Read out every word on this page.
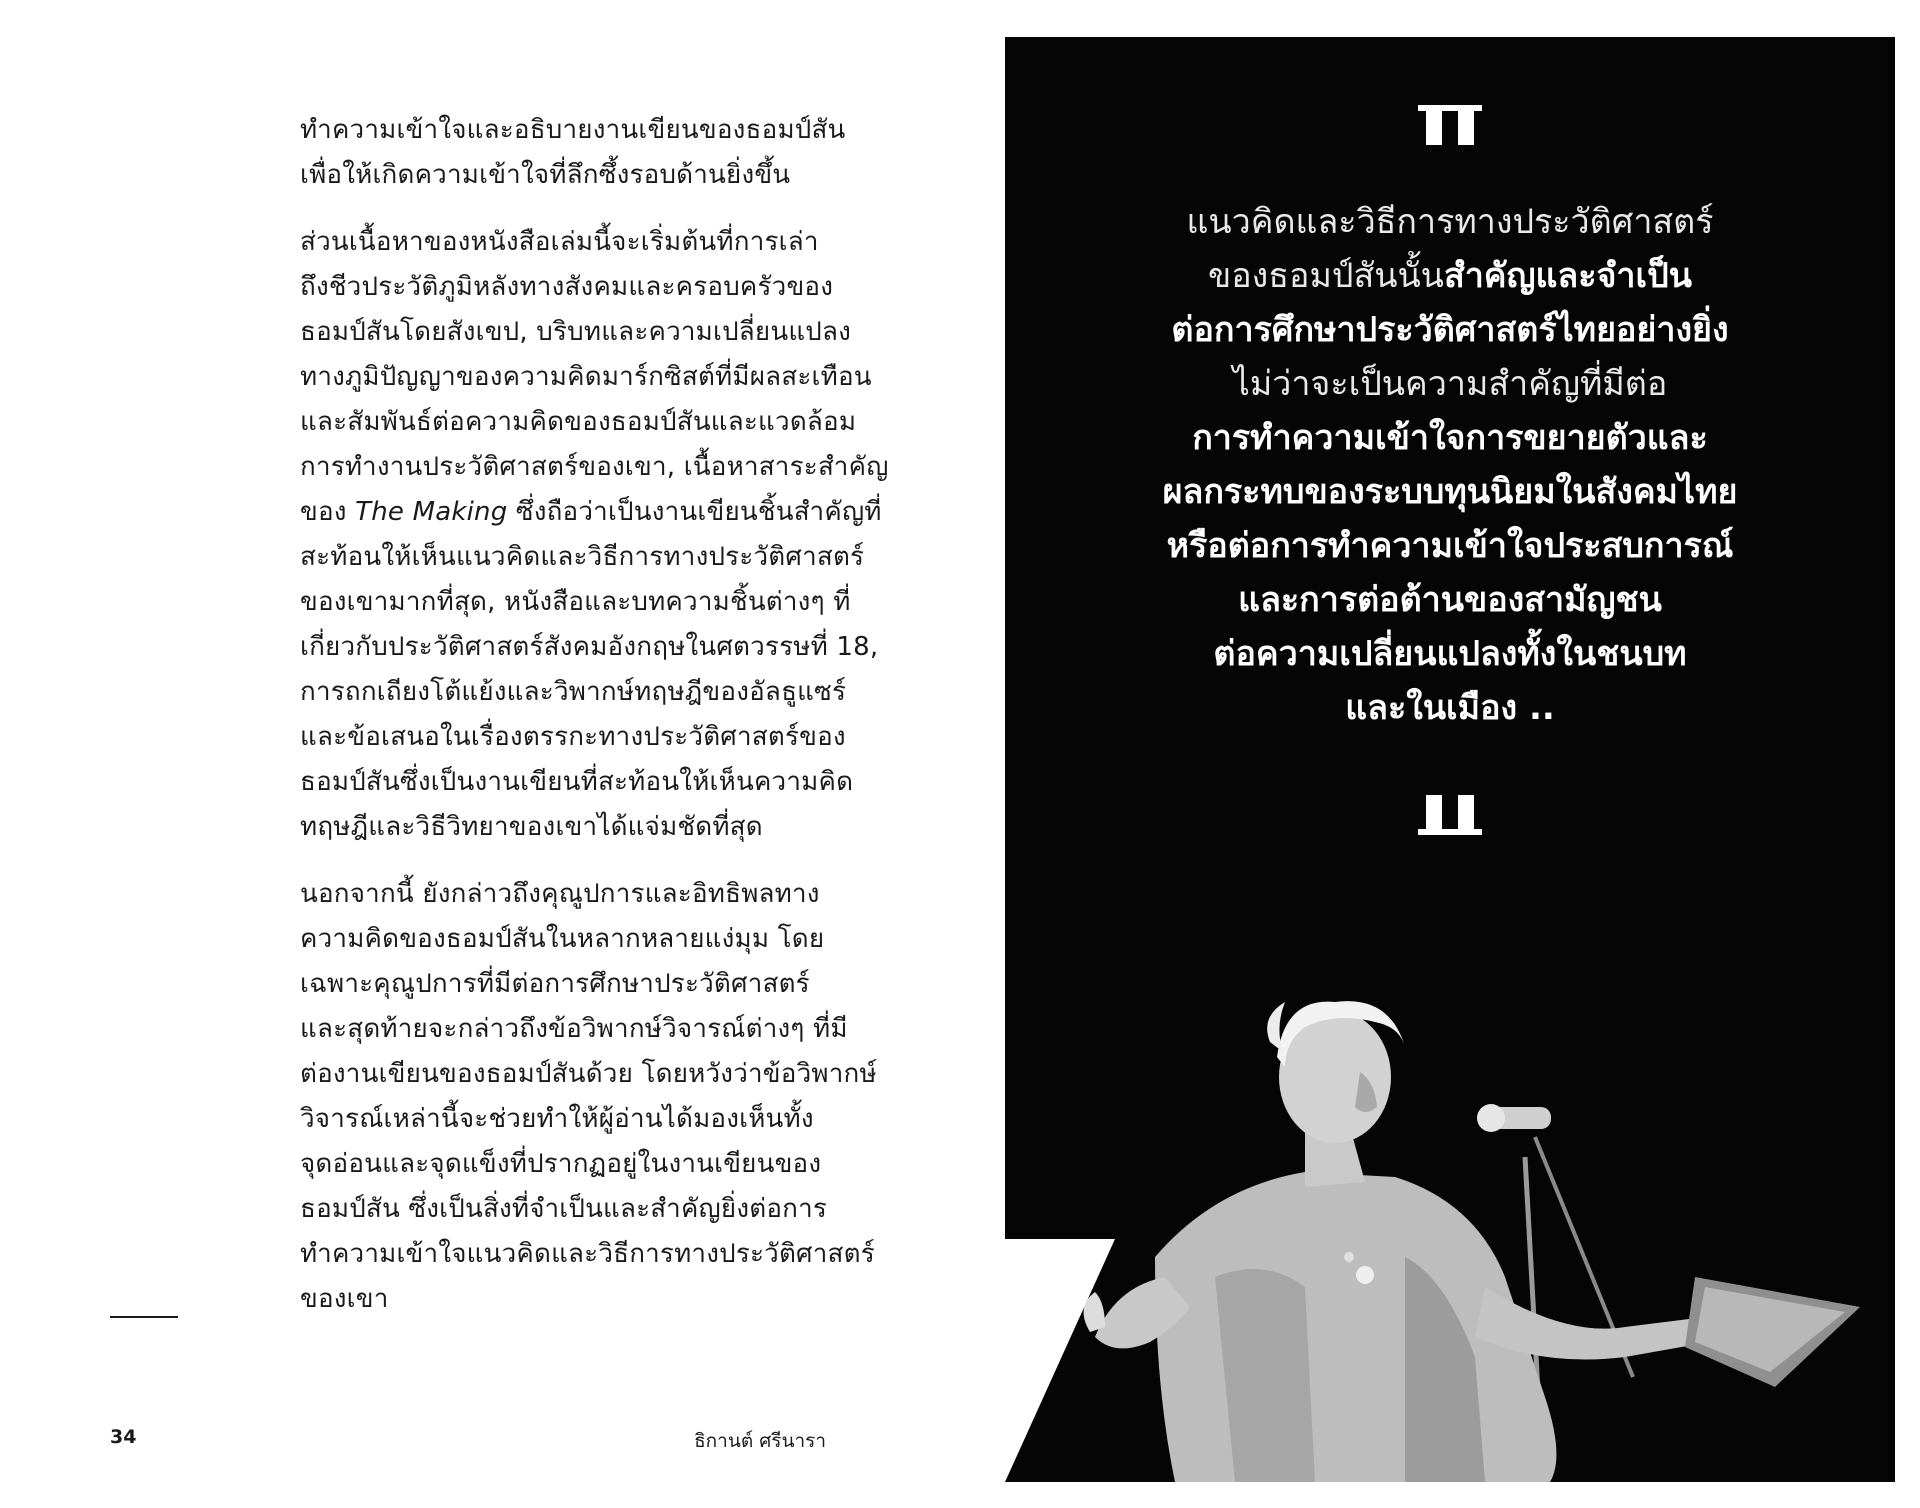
ทำความเข้าใจและอธิบายงานเขียนของธอมป์สัน
เพื่อให้เกิดความเข้าใจที่ลึกซึ้งรอบด้านยิ่งขึ้น
ส่วนเนื้อหาของหนังสือเล่มนี้จะเริ่มต้นที่การเล่า
ถึงชีวประวัติภูมิหลังทางสังคมและครอบครัวของ
ธอมป์สันโดยสังเขป, บริบทและความเปลี่ยนแปลง
ทางภูมิปัญญาของความคิดมาร์กซิสต์ที่มีผลสะเทือน
และสัมพันธ์ต่อความคิดของธอมป์สันและแวดล้อม
การทำงานประวัติศาสตร์ของเขา, เนื้อหาสาระสำคัญ
ของ The Making ซึ่งถือว่าเป็นงานเขียนชิ้นสำคัญที่
สะท้อนให้เห็นแนวคิดและวิธีการทางประวัติศาสตร์
ของเขามากที่สุด, หนังสือและบทความชิ้นต่างๆ ที่
เกี่ยวกับประวัติศาสตร์สังคมอังกฤษในศตวรรษที่ 18,
การถกเถียงโต้แย้งและวิพากษ์ทฤษฎีของอัลธูแซร์
และข้อเสนอในเรื่องตรรกะทางประวัติศาสตร์ของ
ธอมป์สันซึ่งเป็นงานเขียนที่สะท้อนให้เห็นความคิด
ทฤษฎีและวิธีวิทยาของเขาได้แจ่มชัดที่สุด
นอกจากนี้ ยังกล่าวถึงคุณูปการและอิทธิพลทาง
ความคิดของธอมป์สันในหลากหลายแง่มุม โดย
เฉพาะคุณูปการที่มีต่อการศึกษาประวัติศาสตร์
และสุดท้ายจะกล่าวถึงข้อวิพากษ์วิจารณ์ต่างๆ ที่มี
ต่องานเขียนของธอมป์สันด้วย โดยหวังว่าข้อวิพากษ์
วิจารณ์เหล่านี้จะช่วยทำให้ผู้อ่านได้มองเห็นทั้ง
จุดอ่อนและจุดแข็งที่ปรากฏอยู่ในงานเขียนของ
ธอมป์สัน ซึ่งเป็นสิ่งที่จำเป็นและสำคัญยิ่งต่อการ
ทำความเข้าใจแนวคิดและวิธีการทางประวัติศาสตร์
ของเขา
34	ธิกานต์ ศรีนารา
แนวคิดและวิธีการทางประวัติศาสตร์
ของธอมป์สันนั้นสำคัญและจำเป็น
ต่อการศึกษาประวัติศาสตร์ไทยอย่างยิ่ง
ไม่ว่าจะเป็นความสำคัญที่มีต่อ
การทำความเข้าใจการขยายตัวและ
ผลกระทบของระบบทุนนิยมในสังคมไทย
หรือต่อการทำความเข้าใจประสบการณ์
และการต่อต้านของสามัญชน
ต่อความเปลี่ยนแปลงทั้งในชนบท
และในเมือง ..
